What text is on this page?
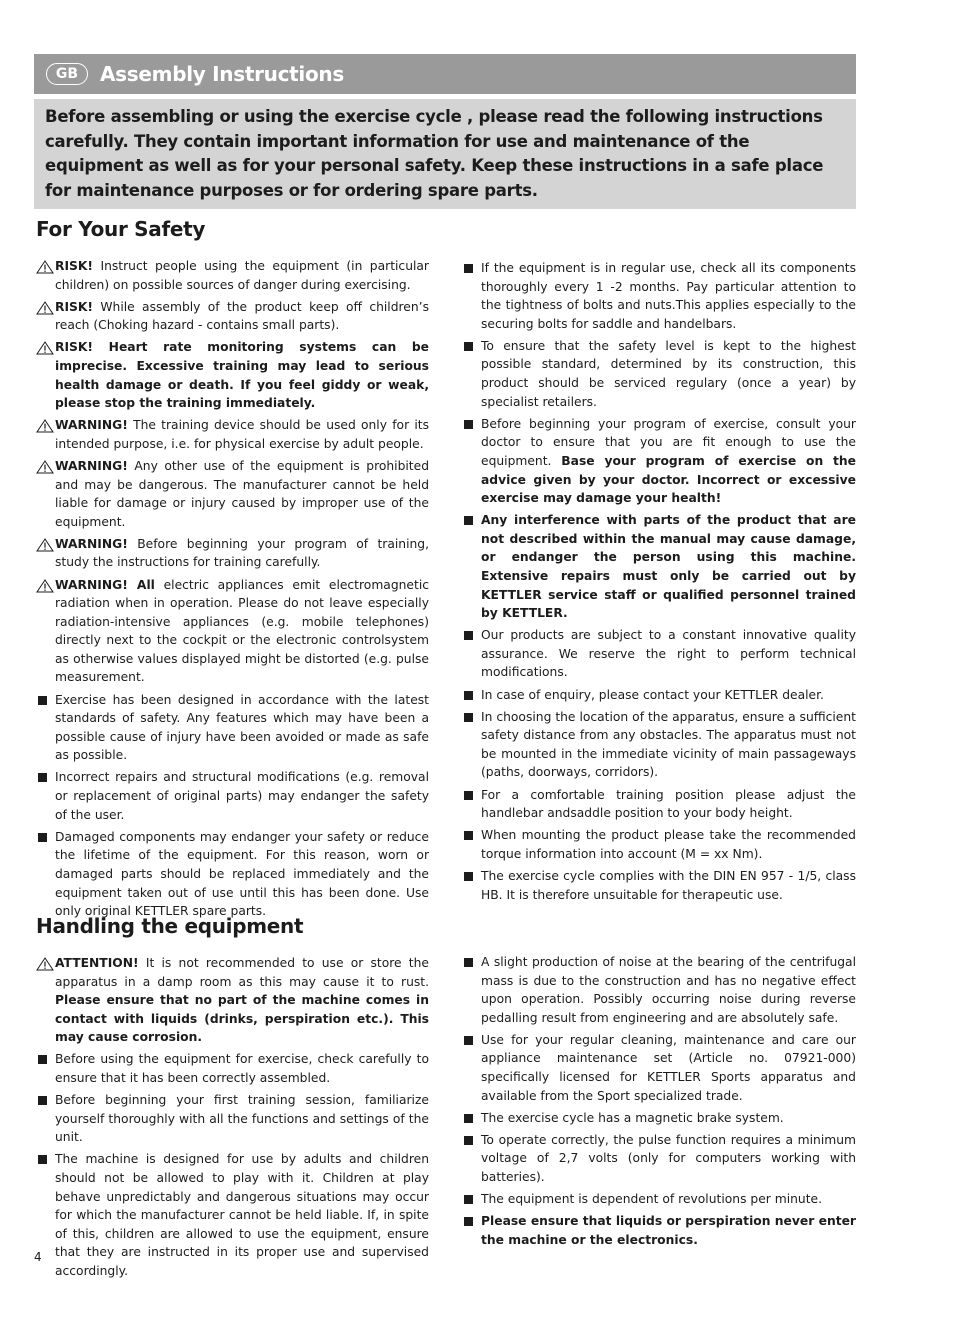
GB	Assembly Instructions

Before assembling or using the exercise cycle , please read the following instructions carefully. They contain important information for use and maintenance of the equipment as well as for your personal safety. Keep these instructions in a safe place for maintenance purposes or for ordering spare parts.

For Your Safety
RISK! Instruct people using the equipment (in particular children) on possible sources of danger during exercising.
RISK! While assembly of the product keep off children’s reach (Choking hazard - contains small parts).
RISK! Heart rate monitoring systems can be imprecise. Excessive training may lead to serious health damage or death. If you feel giddy or weak, please stop the training immediately.
WARNING! The training device should be used only for its intended purpose, i.e. for physical exercise by adult people.
WARNING! Any other use of the equipment is prohibited and may be dangerous. The manufacturer cannot be held liable for damage or injury caused by improper use of the equipment.
WARNING! Before beginning your program of training, study the instructions for training carefully.
WARNING! All electric appliances emit electromagnetic radiation when in operation. Please do not leave especially radiation-intensive appliances (e.g. mobile telephones) directly next to the cockpit or the electronic controlsystem as otherwise values displayed might be distorted (e.g. pulse measurement.
Exercise has been designed in accordance with the latest standards of safety. Any features which may have been a possible cause of injury have been avoided or made as safe as possible.
Incorrect repairs and structural modifications (e.g. removal or replacement of original parts) may endanger the safety of the user.
Damaged components may endanger your safety or reduce the lifetime of the equipment. For this reason, worn or damaged parts should be replaced immediately and the equipment taken out of use until this has been done. Use only original KETTLER spare parts.
If the equipment is in regular use, check all its components thoroughly every 1 -2 months. Pay particular attention to the tightness of bolts and nuts.This applies especially to the securing bolts for saddle and handelbars.
To ensure that the safety level is kept to the highest possible standard, determined by its construction, this product should be serviced regulary (once a year) by specialist retailers.
Before beginning your program of exercise, consult your doctor to ensure that you are fit enough to use the equipment. Base your program of exercise on the advice given by your doctor. Incorrect or excessive exercise may damage your health!
Any interference with parts of the product that are not described within the manual may cause damage, or endanger the person using this machine. Extensive repairs must only be carried out by KETTLER service staff or qualified personnel trained by KETTLER.
Our products are subject to a constant innovative quality assurance. We reserve the right to perform technical modifications.
In case of enquiry, please contact your KETTLER dealer.
In choosing the location of the apparatus, ensure a sufficient safety distance from any obstacles. The apparatus must not be mounted in the immediate vicinity of main passageways (paths, doorways, corridors).
For a comfortable training position please adjust the handlebar andsaddle position to your body height.
When mounting the product please take the recommended torque information into account (M = xx Nm).
The exercise cycle complies with the DIN EN 957 - 1/5, class HB. It is therefore unsuitable for therapeutic use.
Handling the equipment
ATTENTION! It is not recommended to use or store the apparatus in a damp room as this may cause it to rust. Please ensure that no part of the machine comes in contact with liquids (drinks, perspiration etc.). This may cause corrosion.
Before using the equipment for exercise, check carefully to ensure that it has been correctly assembled.
Before beginning your first training session, familiarize yourself thoroughly with all the functions and settings of the unit.
The machine is designed for use by adults and children should not be allowed to play with it. Children at play behave unpredictably and dangerous situations may occur for which the manufacturer cannot be held liable. If, in spite of this, children are allowed to use the equipment, ensure that they are instructed in its proper use and supervised accordingly.
A slight production of noise at the bearing of the centrifugal mass is due to the construction and has no negative effect upon operation. Possibly occurring noise during reverse pedalling result from engineering and are absolutely safe.
Use for your regular cleaning, maintenance and care our appliance maintenance set (Article no. 07921-000) specifically licensed for KETTLER Sports apparatus and available from the Sport specialized trade.
The exercise cycle has a magnetic brake system.
To operate correctly, the pulse function requires a minimum voltage of 2,7 volts (only for computers working with batteries).
The equipment is dependent of revolutions per minute.
Please ensure that liquids or perspiration never enter the machine or the electronics.

4
